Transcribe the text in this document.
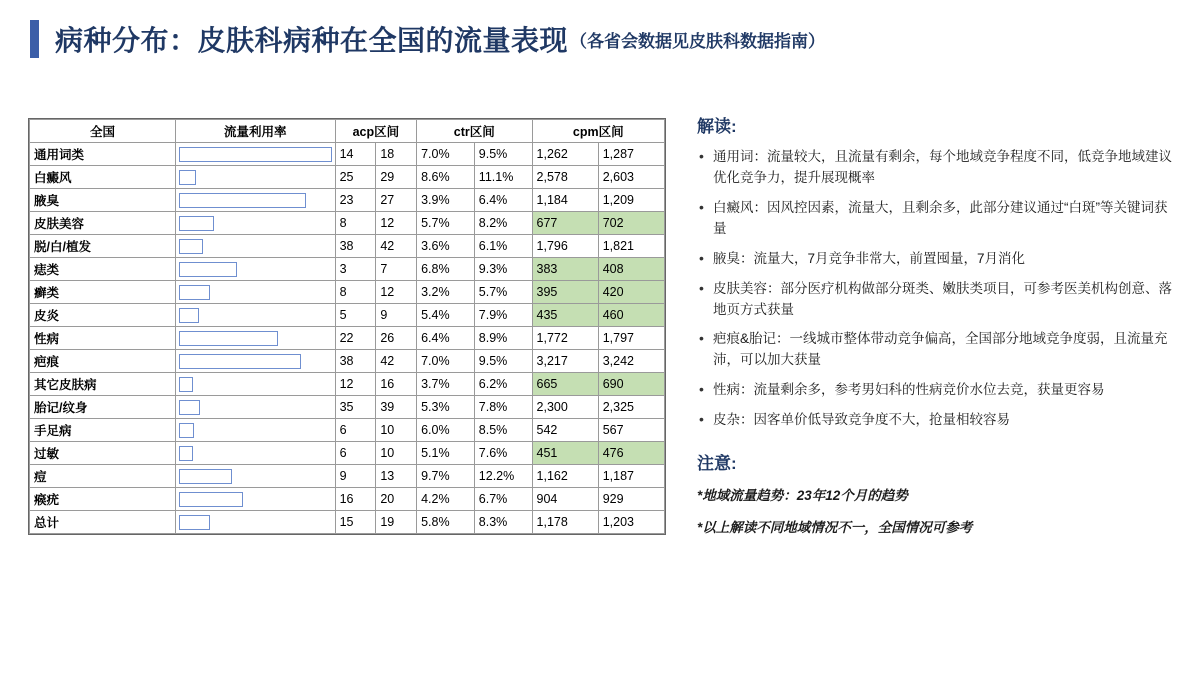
病种分布：皮肤科病种在全国的流量表现 （各省会数据见皮肤科数据指南）
全国	流量利用率	acp区间		ctr区间		cpm区间	
通用词类		14	18	7.0%	9.5%	1,262	1,287
白癜风		25	29	8.6%	11.1%	2,578	2,603
腋臭		23	27	3.9%	6.4%	1,184	1,209
皮肤美容		8	12	5.7%	8.2%	677	702
脱/白/植发		38	42	3.6%	6.1%	1,796	1,821
痣类		3	7	6.8%	9.3%	383	408
癣类		8	12	3.2%	5.7%	395	420
皮炎		5	9	5.4%	7.9%	435	460
性病		22	26	6.4%	8.9%	1,772	1,797
疤痕		38	42	7.0%	9.5%	3,217	3,242
其它皮肤病		12	16	3.7%	6.2%	665	690
胎记/纹身		35	39	5.3%	7.8%	2,300	2,325
手足病		6	10	6.0%	8.5%	542	567
过敏		6	10	5.1%	7.6%	451	476
痘		9	13	9.7%	12.2%	1,162	1,187
瘊疣		16	20	4.2%	6.7%	904	929
总计		15	19	5.8%	8.3%	1,178	1,203
解读:
• 通用词：流量较大，且流量有剩余，每个地域竞争程度不同，低竞争地域建议优化竞争力，提升展现概率
• 白癜风：因风控因素，流量大，且剩余多，此部分建议通过“白斑”等关键词获量
• 腋臭：流量大，7月竞争非常大，前置囤量，7月消化
• 皮肤美容：部分医疗机构做部分斑类、嫩肤类项目，可参考医美机构创意、落地页方式获量
• 疤痕&胎记：一线城市整体带动竞争偏高，全国部分地域竞争度弱，且流量充沛，可以加大获量
• 性病：流量剩余多，参考男妇科的性病竞价水位去竞，获量更容易
• 皮杂：因客单价低导致竞争度不大，抢量相较容易
注意:
*地域流量趋势：23年12个月的趋势
*以上解读不同地域情况不一，全国情况可参考
